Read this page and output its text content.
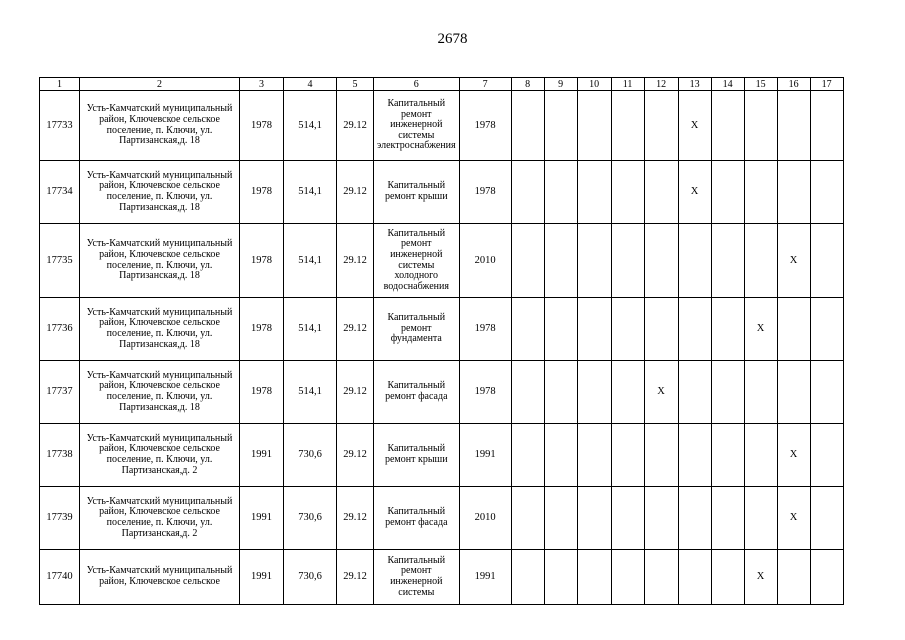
2678
1	2	3	4	5	6	7	8	9	10	11	12	13	14	15	16	17
17733	Усть-Камчатский муниципальный район, Ключевское сельское поселение, п. Ключи, ул. Партизанская,д. 18	1978	514,1	29.12	Капитальный ремонт инженерной системы электроснабжения	1978						Х				
17734	Усть-Камчатский муниципальный район, Ключевское сельское поселение, п. Ключи, ул. Партизанская,д. 18	1978	514,1	29.12	Капитальный ремонт крыши	1978						Х				
17735	Усть-Камчатский муниципальный район, Ключевское сельское поселение, п. Ключи, ул. Партизанская,д. 18	1978	514,1	29.12	Капитальный ремонт инженерной системы холодного водоснабжения	2010									Х	
17736	Усть-Камчатский муниципальный район, Ключевское сельское поселение, п. Ключи, ул. Партизанская,д. 18	1978	514,1	29.12	Капитальный ремонт фундамента	1978								Х		
17737	Усть-Камчатский муниципальный район, Ключевское сельское поселение, п. Ключи, ул. Партизанская,д. 18	1978	514,1	29.12	Капитальный ремонт фасада	1978					Х					
17738	Усть-Камчатский муниципальный район, Ключевское сельское поселение, п. Ключи, ул. Партизанская,д. 2	1991	730,6	29.12	Капитальный ремонт крыши	1991									Х	
17739	Усть-Камчатский муниципальный район, Ключевское сельское поселение, п. Ключи, ул. Партизанская,д. 2	1991	730,6	29.12	Капитальный ремонт фасада	2010									Х	
17740	Усть-Камчатский муниципальный район, Ключевское сельское	1991	730,6	29.12	Капитальный ремонт инженерной системы	1991								Х		
